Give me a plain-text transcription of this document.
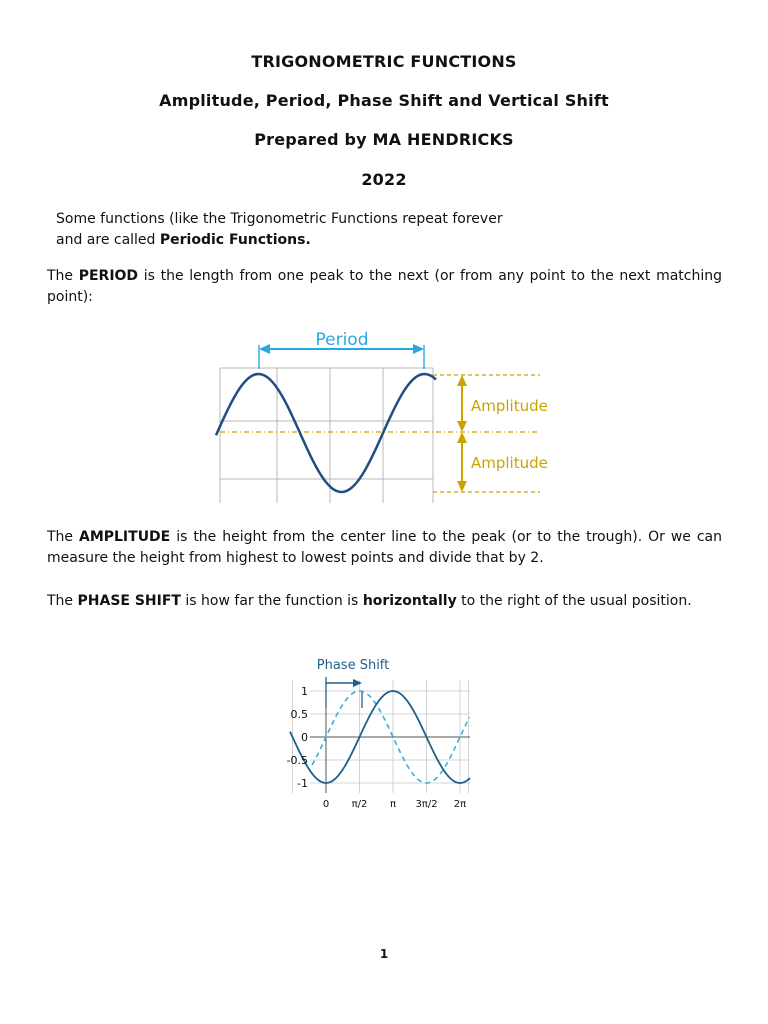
TRIGONOMETRIC FUNCTIONS
Amplitude, Period, Phase Shift and Vertical Shift
Prepared by MA HENDRICKS
2022
Some functions (like the Trigonometric Functions repeat forever
and are called Periodic Functions.

The PERIOD is the length from one peak to the next (or from any point to the next matching point):

Period
Amplitude
Amplitude

The AMPLITUDE is the height from the center line to the peak (or to the trough). Or we can measure the height from highest to lowest points and divide that by 2.

The PHASE SHIFT is how far the function is horizontally to the right of the usual position.

Phase Shift
1
0.5
0
-0.5
-1
0 π/2 π 3π/2 2π
1
